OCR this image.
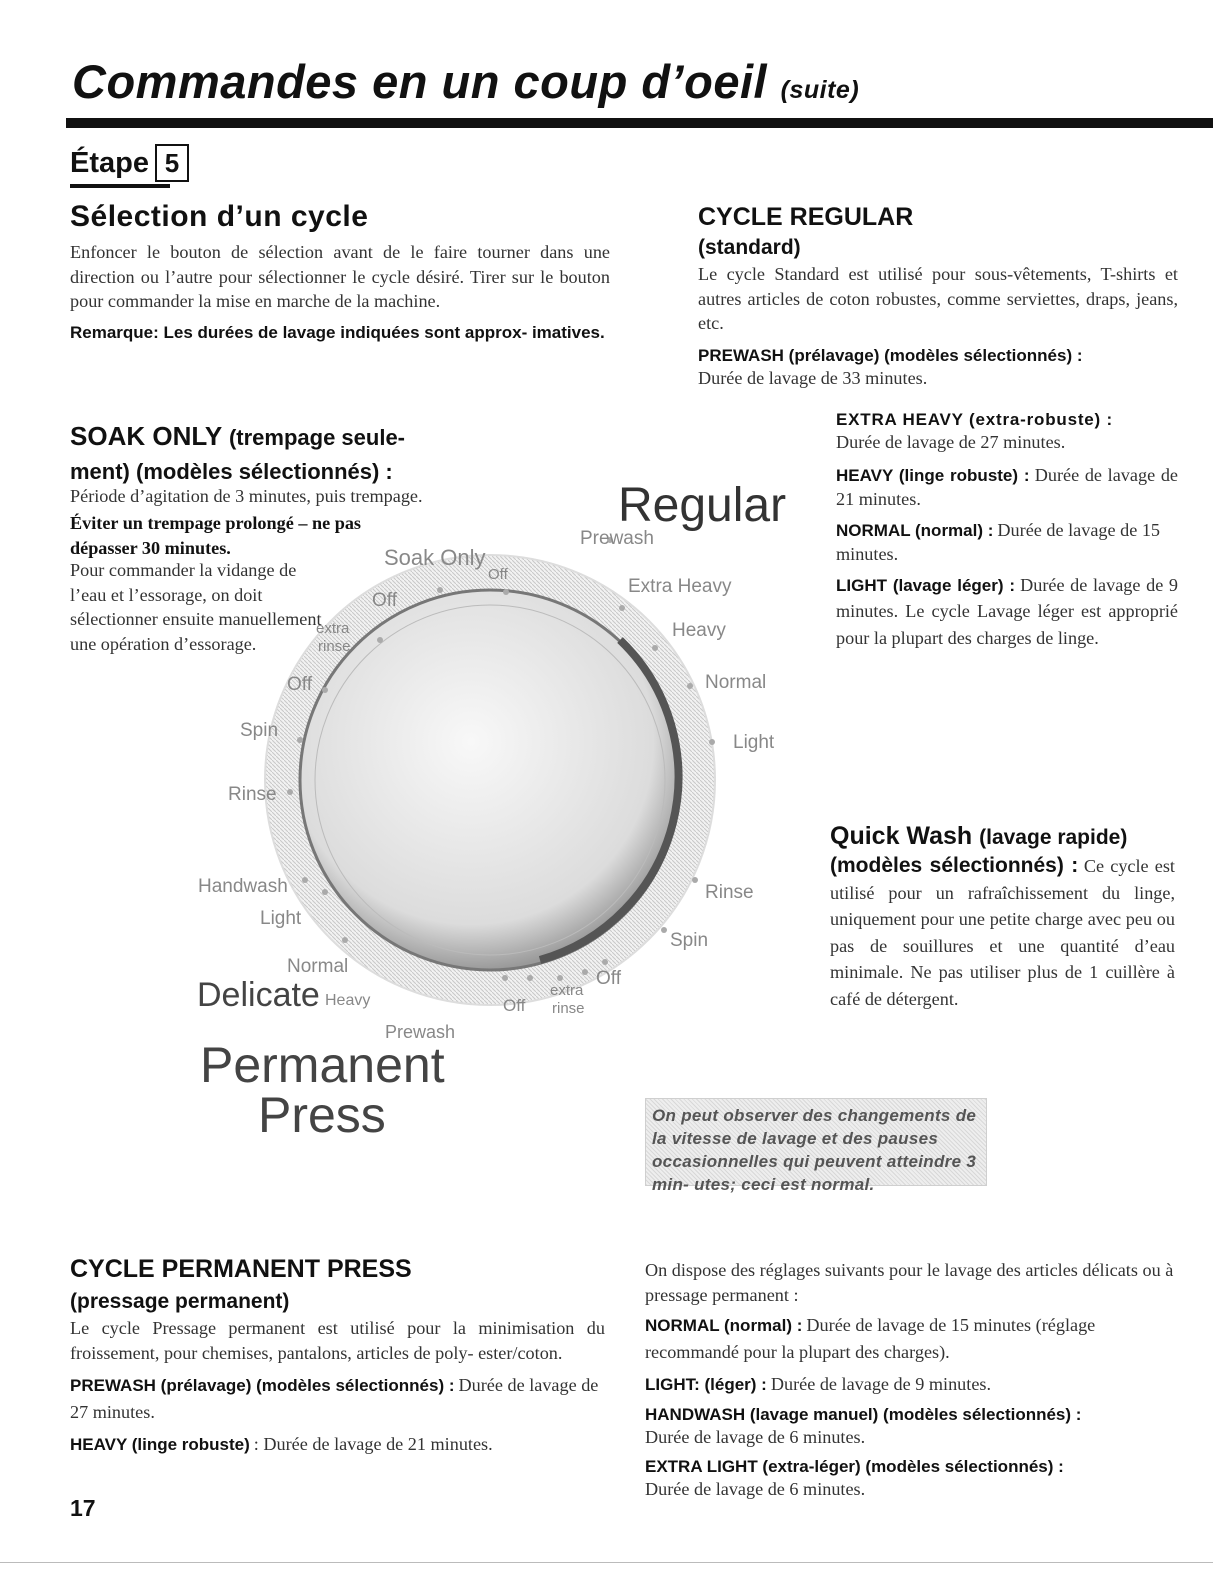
Commandes en un coup d’oeil (suite)
Étape 5
Sélection d’un cycle

Enfoncer le bouton de sélection avant de le faire tourner dans une direction ou l’autre pour sélectionner le cycle désiré. Tirer sur le bouton pour commander la mise en marche de la machine.

Remarque: Les durées de lavage indiquées sont approx- imatives.

SOAK ONLY (trempage seule- ment) (modèles sélectionnés) :

Période d’agitation de 3 minutes, puis trempage.

Éviter un trempage prolongé – ne pas dépasser 30 minutes.

Pour commander la vidange de l’eau et l’essorage, on doit sélectionner ensuite manuellement une opération d’essorage.

Regular
Prewash
Extra Heavy
Heavy
Normal
Light
Rinse
Spin
Off
extra
rinse
Off
Prewash
Heavy
Delicate
Normal
Light
Handwash
Rinse
Spin
Off
extra
rinse
Off
Soak Only
Off
Permanent
Press
CYCLE REGULAR
(standard)

Le cycle Standard est utilisé pour sous-vêtements, T-shirts et autres articles de coton robustes, comme serviettes, draps, jeans, etc.

PREWASH (prélavage) (modèles sélectionnés) :

Durée de lavage de 33 minutes.

EXTRA HEAVY (extra-robuste) :

Durée de lavage de 27 minutes.

HEAVY (linge robuste) : Durée de lavage de 21 minutes.

NORMAL (normal) : Durée de lavage de 15 minutes.

LIGHT (lavage léger) : Durée de lavage de 9 minutes. Le cycle Lavage léger est approprié pour la plupart des charges de linge.

Quick Wash (lavage rapide)

(modèles sélectionnés) : Ce cycle est utilisé pour un rafraîchissement du linge, uniquement pour une petite charge avec peu ou pas de souillures et une quantité d’eau minimale. Ne pas utiliser plus de 1 cuillère à café de détergent.

On peut observer des changements de la vitesse de lavage et des pauses occasionnelles qui peuvent atteindre 3 min- utes; ceci est normal.
CYCLE PERMANENT PRESS
(pressage permanent)

Le cycle Pressage permanent est utilisé pour la minimisation du froissement, pour chemises, pantalons, articles de poly- ester/coton.

PREWASH (prélavage) (modèles sélectionnés) : Durée de lavage de 27 minutes.

HEAVY (linge robuste) : Durée de lavage de 21 minutes.

On dispose des réglages suivants pour le lavage des articles délicats ou à pressage permanent :

NORMAL (normal) : Durée de lavage de 15 minutes (réglage recommandé pour la plupart des charges).

LIGHT: (léger) : Durée de lavage de 9 minutes.

HANDWASH (lavage manuel) (modèles sélectionnés) :

Durée de lavage de 6 minutes.

EXTRA LIGHT (extra-léger) (modèles sélectionnés) :

Durée de lavage de 6 minutes.

17
